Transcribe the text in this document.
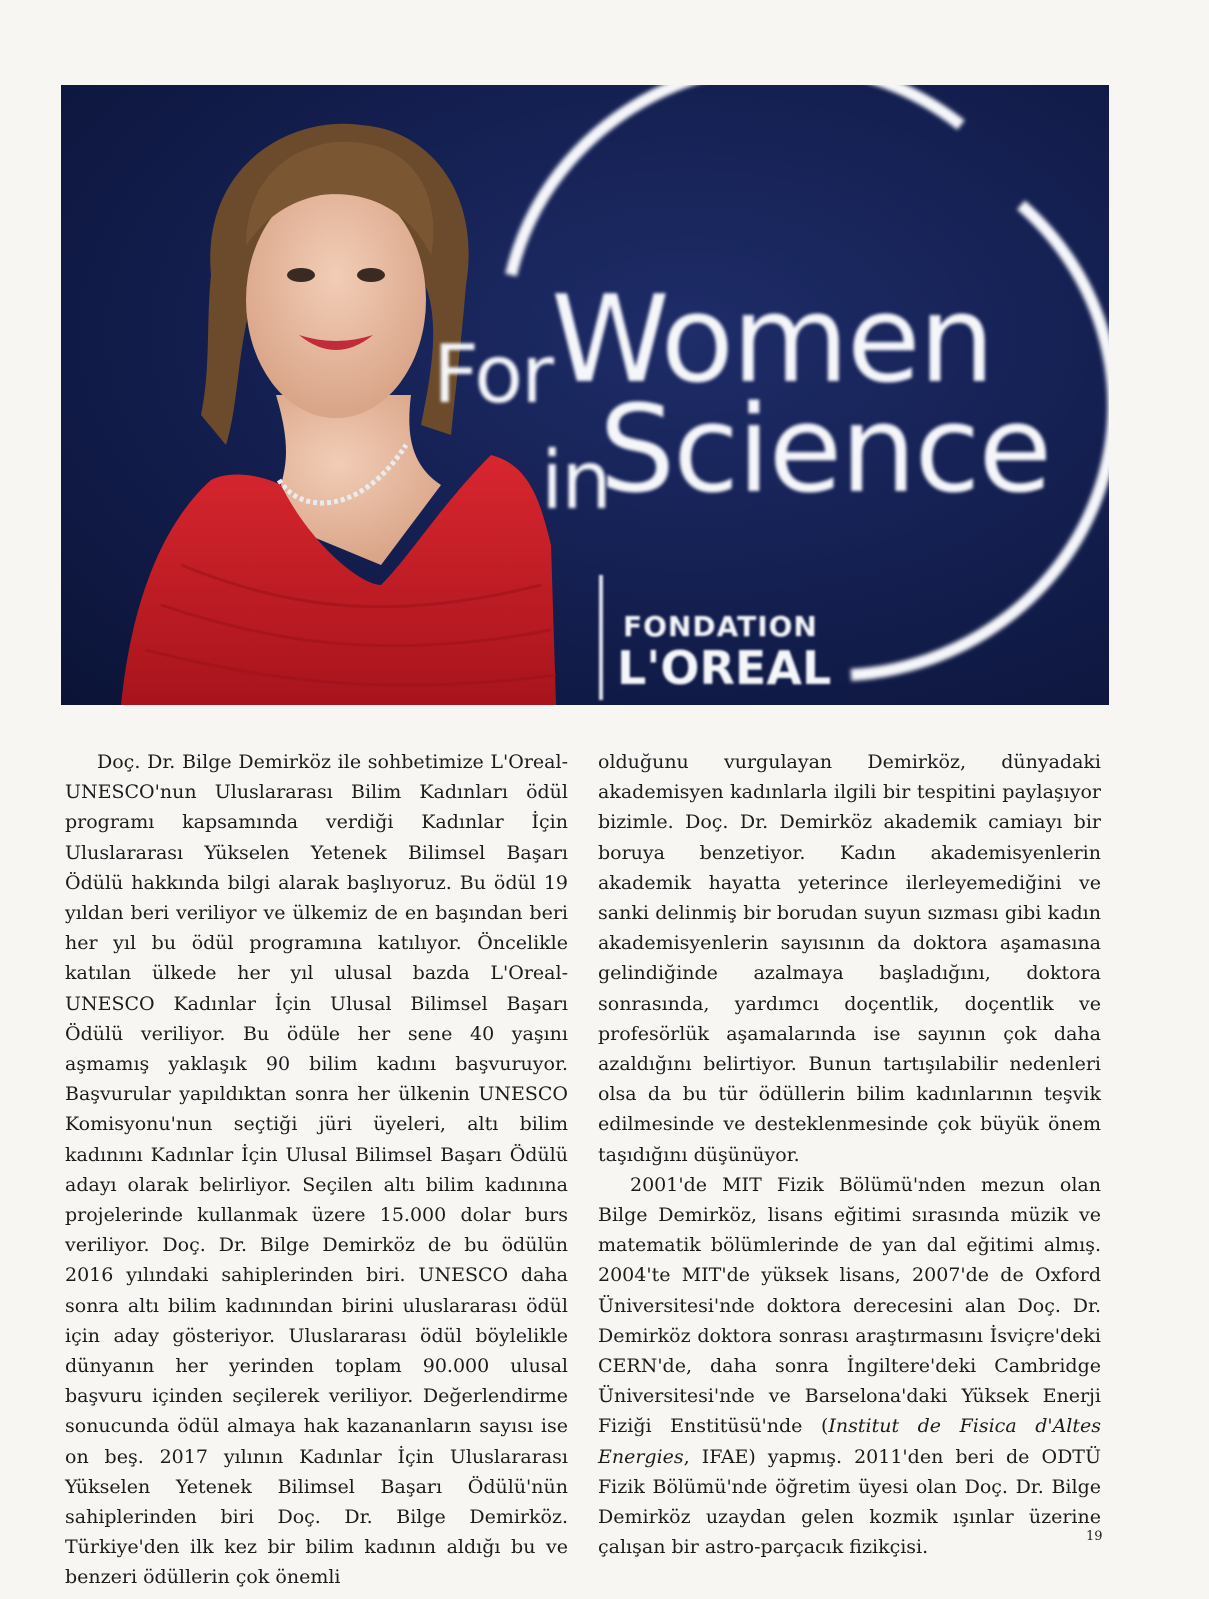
For Women
in
Science
FONDATION
L'OREAL

Doç. Dr. Bilge Demirköz ile sohbetimize L'Oreal-UNESCO'nun Uluslararası Bilim Kadınları ödül programı kapsamında verdiği Kadınlar İçin Uluslararası Yükselen Yetenek Bilimsel Başarı Ödülü hakkında bilgi alarak başlıyoruz. Bu ödül 19 yıldan beri veriliyor ve ülkemiz de en başından beri her yıl bu ödül programına katılıyor. Öncelikle katılan ülkede her yıl ulusal bazda L'Oreal-UNESCO Kadınlar İçin Ulusal Bilimsel Başarı Ödülü veriliyor. Bu ödüle her sene 40 yaşını aşmamış yaklaşık 90 bilim kadını başvuruyor. Başvurular yapıldıktan sonra her ülkenin UNESCO Komisyonu'nun seçtiği jüri üyeleri, altı bilim kadınını Kadınlar İçin Ulusal Bilimsel Başarı Ödülü adayı olarak belirliyor. Seçilen altı bilim kadınına projelerinde kullanmak üzere 15.000 dolar burs veriliyor. Doç. Dr. Bilge Demirköz de bu ödülün 2016 yılındaki sahiplerinden biri. UNESCO daha sonra altı bilim kadınından birini uluslararası ödül için aday gösteriyor. Uluslararası ödül böylelikle dünyanın her yerinden toplam 90.000 ulusal başvuru içinden seçilerek veriliyor. Değerlendirme sonucunda ödül almaya hak kazananların sayısı ise on beş. 2017 yılının Kadınlar İçin Uluslararası Yükselen Yetenek Bilimsel Başarı Ödülü'nün sahiplerinden biri Doç. Dr. Bilge Demirköz. Türkiye'den ilk kez bir bilim kadının aldığı bu ve benzeri ödüllerin çok önemli

olduğunu vurgulayan Demirköz, dünyadaki akademisyen kadınlarla ilgili bir tespitini paylaşıyor bizimle. Doç. Dr. Demirköz akademik camiayı bir boruya benzetiyor. Kadın akademisyenlerin akademik hayatta yeterince ilerleyemediğini ve sanki delinmiş bir borudan suyun sızması gibi kadın akademisyenlerin sayısının da doktora aşamasına gelindiğinde azalmaya başladığını, doktora sonrasında, yardımcı doçentlik, doçentlik ve profesörlük aşamalarında ise sayının çok daha azaldığını belirtiyor. Bunun tartışılabilir nedenleri olsa da bu tür ödüllerin bilim kadınlarının teşvik edilmesinde ve desteklenmesinde çok büyük önem taşıdığını düşünüyor.

2001'de MIT Fizik Bölümü'nden mezun olan Bilge Demirköz, lisans eğitimi sırasında müzik ve matematik bölümlerinde de yan dal eğitimi almış. 2004'te MIT'de yüksek lisans, 2007'de de Oxford Üniversitesi'nde doktora derecesini alan Doç. Dr. Demirköz doktora sonrası araştırmasını İsviçre'deki CERN'de, daha sonra İngiltere'deki Cambridge Üniversitesi'nde ve Barselona'daki Yüksek Enerji Fiziği Enstitüsü'nde (Institut de Fisica d'Altes Energies, IFAE) yapmış. 2011'den beri de ODTÜ Fizik Bölümü'nde öğretim üyesi olan Doç. Dr. Bilge Demirköz uzaydan gelen kozmik ışınlar üzerine çalışan bir astro-parçacık fizikçisi.	19
